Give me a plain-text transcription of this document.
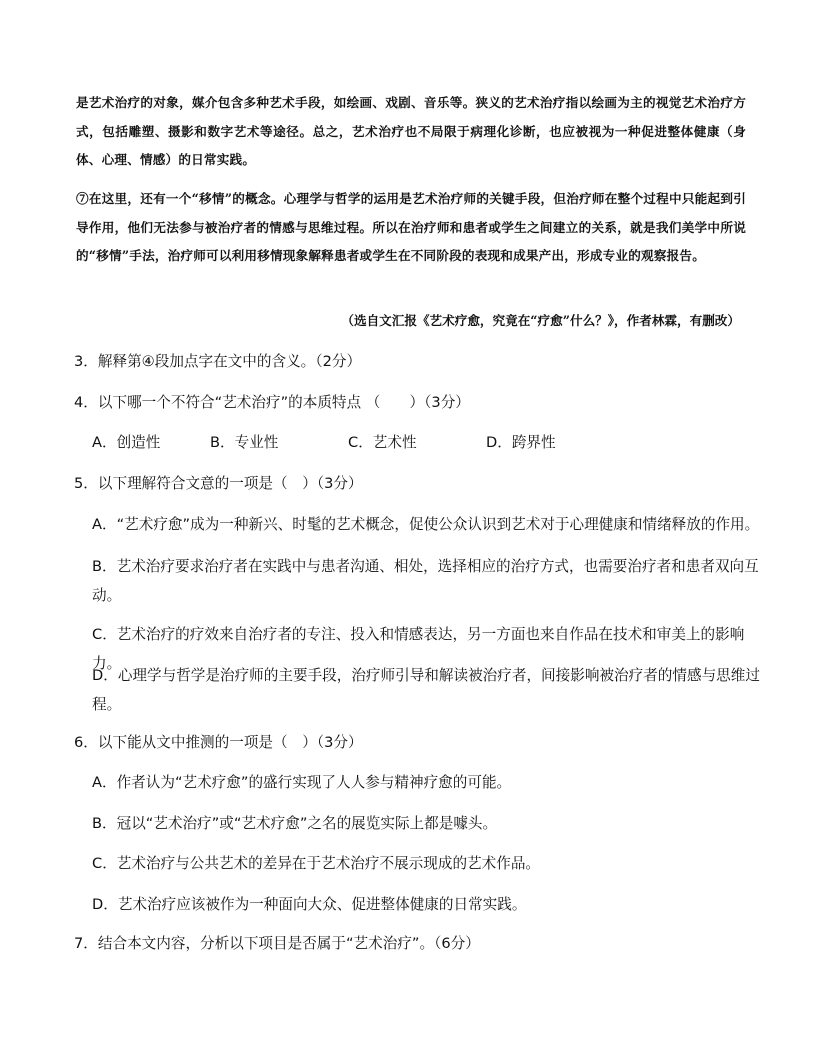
是艺术治疗的对象，媒介包含多种艺术手段，如绘画、戏剧、音乐等。狭义的艺术治疗指以绘画为主的视觉艺术治疗方式，包括雕塑、摄影和数字艺术等途径。总之，艺术治疗也不局限于病理化诊断，也应被视为一种促进整体健康（身体、心理、情感）的日常实践。
⑦在这里，还有一个“移情”的概念。心理学与哲学的运用是艺术治疗师的关键手段，但治疗师在整个过程中只能起到引导作用，他们无法参与被治疗者的情感与思维过程。所以在治疗师和患者或学生之间建立的关系，就是我们美学中所说的“移情”手法，治疗师可以利用移情现象解释患者或学生在不同阶段的表现和成果产出，形成专业的观察报告。
（选自文汇报《艺术疗愈，究竟在“疗愈”什么？》，作者林霖，有删改）
3．解释第④段加点字在文中的含义。（2分）
4．以下哪一个不符合“艺术治疗”的本质特点 （　　）（3分）
A．创造性	B．专业性	C．艺术性	D．跨界性
5．以下理解符合文意的一项是（　）（3分）
A．“艺术疗愈”成为一种新兴、时髦的艺术概念，促使公众认识到艺术对于心理健康和情绪释放的作用。
B．艺术治疗要求治疗者在实践中与患者沟通、相处，选择相应的治疗方式，也需要治疗者和患者双向互动。
C．艺术治疗的疗效来自治疗者的专注、投入和情感表达，另一方面也来自作品在技术和审美上的影响力。
D．心理学与哲学是治疗师的主要手段，治疗师引导和解读被治疗者，间接影响被治疗者的情感与思维过程。
6．以下能从文中推测的一项是（　）（3分）
A．作者认为“艺术疗愈”的盛行实现了人人参与精神疗愈的可能。
B．冠以“艺术治疗”或“艺术疗愈”之名的展览实际上都是噱头。
C．艺术治疗与公共艺术的差异在于艺术治疗不展示现成的艺术作品。
D．艺术治疗应该被作为一种面向大众、促进整体健康的日常实践。
7．结合本文内容，分析以下项目是否属于“艺术治疗”。（6分）
